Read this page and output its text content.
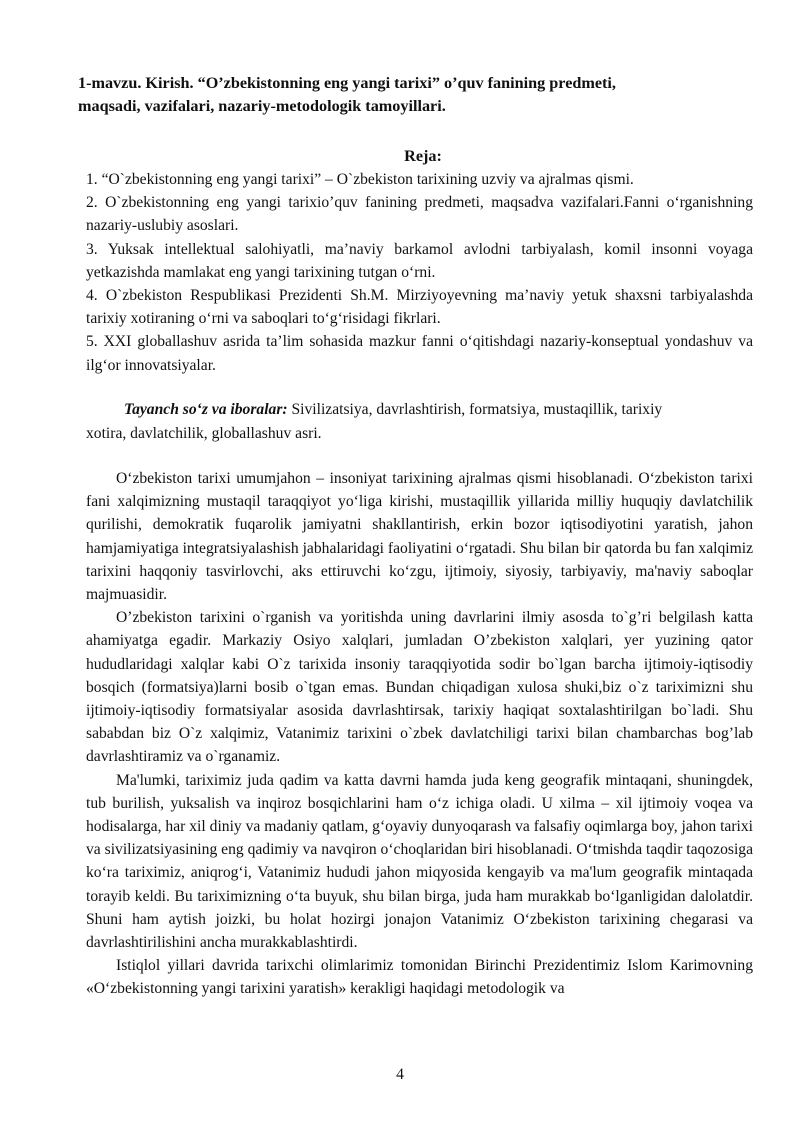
1-mavzu. Kirish. “O’zbekistonning eng yangi tarixi” o’quv fanining predmeti,
maqsadi, vazifalari, nazariy-metodologik tamoyillari.
Reja:

1. “O`zbekistonning eng yangi tarixi” – O`zbekiston tarixining uzviy va ajralmas qismi.

2. O`zbekistonning eng yangi tarixio’quv fanining predmeti, maqsadva vazifalari.Fanni o‘rganishning nazariy-uslubiy asoslari.

3. Yuksak intellektual salohiyatli, ma’naviy barkamol avlodni tarbiyalash, komil insonni voyaga yetkazishda mamlakat eng yangi tarixining tutgan o‘rni.

4. O`zbekiston Respublikasi Prezidenti Sh.M. Mirziyoyevning ma’naviy yetuk shaxsni tarbiyalashda tarixiy xotiraning o‘rni va saboqlari to‘g‘risidagi fikrlari.

5. XXI globallashuv asrida ta’lim sohasida mazkur fanni o‘qitishdagi nazariy-konseptual yondashuv va ilg‘or innovatsiyalar.

Tayanch so‘z va iboralar: Sivilizatsiya, davrlashtirish, formatsiya, mustaqillik, tarixiy
xotira, davlatchilik, globallashuv asri.

O‘zbekiston tarixi umumjahon – insoniyat tarixining ajralmas qismi hisoblanadi. O‘zbekiston tarixi fani xalqimizning mustaqil taraqqiyot yo‘liga kirishi, mustaqillik yillarida milliy huquqiy davlatchilik qurilishi, demokratik fuqarolik jamiyatni shakllantirish, erkin bozor iqtisodiyotini yaratish, jahon hamjamiyatiga integratsiyalashish jabhalaridagi faoliyatini o‘rgatadi. Shu bilan bir qatorda bu fan xalqimiz tarixini haqqoniy tasvirlovchi, aks ettiruvchi ko‘zgu, ijtimoiy, siyosiy, tarbiyaviy, ma'naviy saboqlar majmuasidir.

O’zbekiston tarixini o`rganish va yoritishda uning davrlarini ilmiy asosda to`g’ri belgilash katta ahamiyatga egadir. Markaziy Osiyo xalqlari, jumladan O’zbekiston xalqlari, yer yuzining qator hududlaridagi xalqlar kabi O`z tarixida insoniy taraqqiyotida sodir bo`lgan barcha ijtimoiy-iqtisodiy bosqich (formatsiya)larni bosib o`tgan emas. Bundan chiqadigan xulosa shuki,biz o`z tariximizni shu ijtimoiy-iqtisodiy formatsiyalar asosida davrlashtirsak, tarixiy haqiqat soxtalashtirilgan bo`ladi. Shu sababdan biz O`z xalqimiz, Vatanimiz tarixini o`zbek davlatchiligi tarixi bilan chambarchas bog’lab davrlashtiramiz va o`rganamiz.

Ma'lumki, tariximiz juda qadim va katta davrni hamda juda keng geografik mintaqani, shuningdek, tub burilish, yuksalish va inqiroz bosqichlarini ham o‘z ichiga oladi. U xilma – xil ijtimoiy voqea va hodisalarga, har xil diniy va madaniy qatlam, g‘oyaviy dunyoqarash va falsafiy oqimlarga boy, jahon tarixi va sivilizatsiyasining eng qadimiy va navqiron o‘choqlaridan biri hisoblanadi. O‘tmishda taqdir taqozosiga ko‘ra tariximiz, aniqrog‘i, Vatanimiz hududi jahon miqyosida kengayib va ma'lum geografik mintaqada torayib keldi. Bu tariximizning o‘ta buyuk, shu bilan birga, juda ham murakkab bo‘lganligidan dalolatdir. Shuni ham aytish joizki, bu holat hozirgi jonajon Vatanimiz O‘zbekiston tarixining chegarasi va davrlashtirilishini ancha murakkablashtirdi.

Istiqlol yillari davrida tarixchi olimlarimiz tomonidan Birinchi Prezidentimiz Islom Karimovning «O‘zbekistonning yangi tarixini yaratish» kerakligi haqidagi metodologik va

4
